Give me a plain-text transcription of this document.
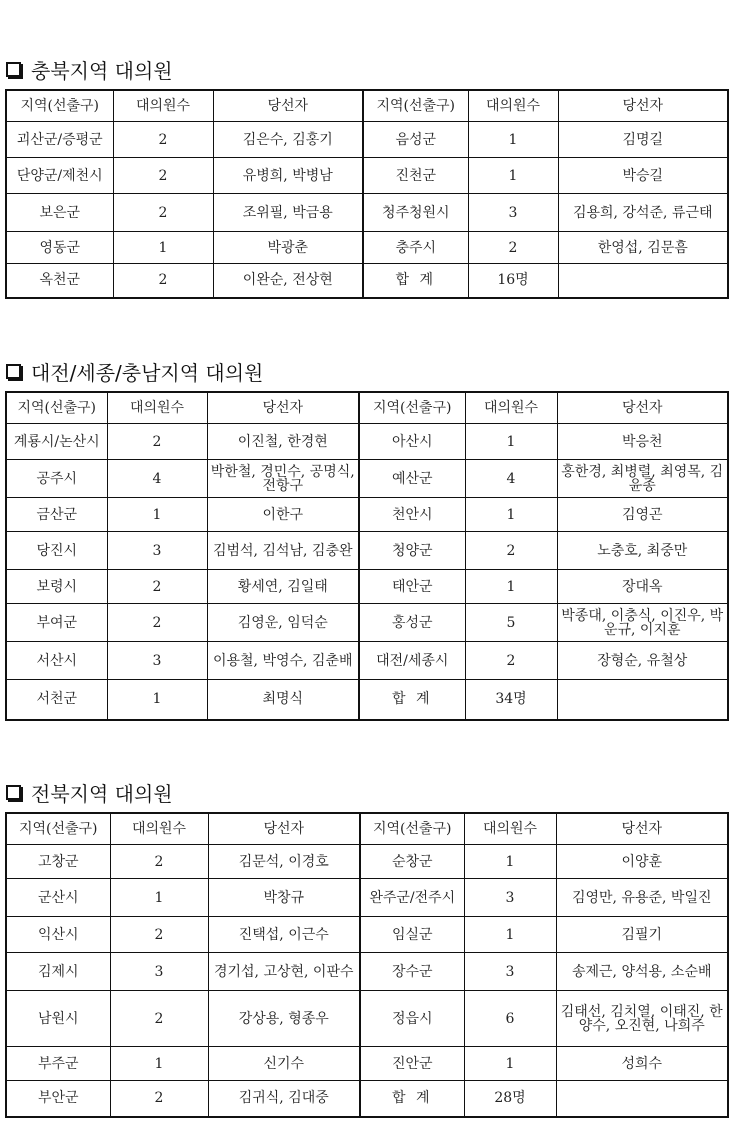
충북지역 대의원
지역(선출구)	대의원수	당선자	지역(선출구)	대의원수	당선자
괴산군/증평군	2	김은수, 김홍기	음성군	1	김명길
단양군/제천시	2	유병희, 박병남	진천군	1	박승길
보은군	2	조위필, 박금용	청주청원시	3	김용희, 강석준, 류근태
영동군	1	박광춘	충주시	2	한영섭, 김문흠
옥천군	2	이완순, 전상현	합 계	16명	
대전/세종/충남지역 대의원
지역(선출구)	대의원수	당선자	지역(선출구)	대의원수	당선자
계룡시/논산시	2	이진철, 한경현	아산시	1	박응천
공주시	4	박한철, 경민수, 공명식, 전항구	예산군	4	홍한경, 최병렬, 최영목, 김윤종
금산군	1	이한구	천안시	1	김영곤
당진시	3	김범석, 김석남, 김충완	청양군	2	노충호, 최중만
보령시	2	황세연, 김일태	태안군	1	장대옥
부여군	2	김영운, 임덕순	홍성군	5	박종대, 이충식, 이진우, 박운규, 이지훈
서산시	3	이용철, 박영수, 김춘배	대전/세종시	2	장형순, 유철상
서천군	1	최명식	합 계	34명	
전북지역 대의원
지역(선출구)	대의원수	당선자	지역(선출구)	대의원수	당선자
고창군	2	김문석, 이경호	순창군	1	이양훈
군산시	1	박창규	완주군/전주시	3	김영만, 유용준, 박일진
익산시	2	진택섭, 이근수	임실군	1	김필기
김제시	3	경기섭, 고상현, 이판수	장수군	3	송제근, 양석용, 소순배
남원시	2	강상용, 형종우	정읍시	6	김태선, 김치열, 이태진, 한양수, 오진현, 나희주
부주군	1	신기수	진안군	1	성희수
부안군	2	김귀식, 김대중	합 계	28명	
